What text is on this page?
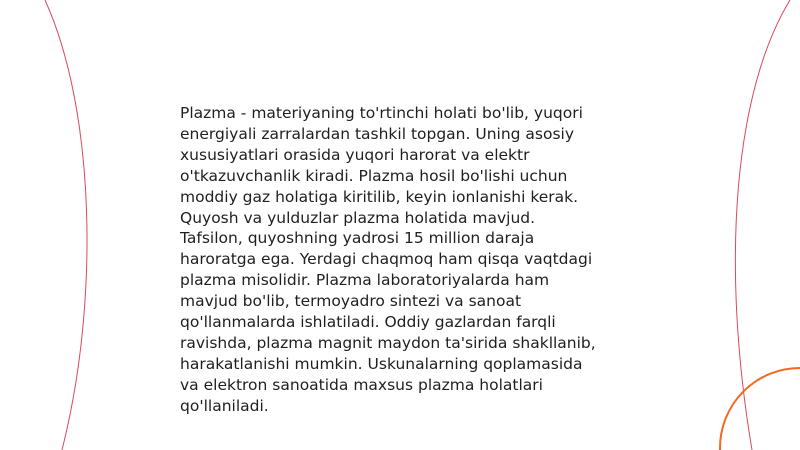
Plazma - materiyaning to'rtinchi holati bo'lib, yuqori
energiyali zarralardan tashkil topgan. Uning asosiy
xususiyatlari orasida yuqori harorat va elektr
o'tkazuvchanlik kiradi. Plazma hosil bo'lishi uchun
moddiy gaz holatiga kiritilib, keyin ionlanishi kerak.
Quyosh va yulduzlar plazma holatida mavjud.
Tafsilon, quyoshning yadrosi 15 million daraja
haroratga ega. Yerdagi chaqmoq ham qisqa vaqtdagi
plazma misolidir. Plazma laboratoriyalarda ham
mavjud bo'lib, termoyadro sintezi va sanoat
qo'llanmalarda ishlatiladi. Oddiy gazlardan farqli
ravishda, plazma magnit maydon ta'sirida shakllanib,
harakatlanishi mumkin. Uskunalarning qoplamasida
va elektron sanoatida maxsus plazma holatlari
qo'llaniladi.
